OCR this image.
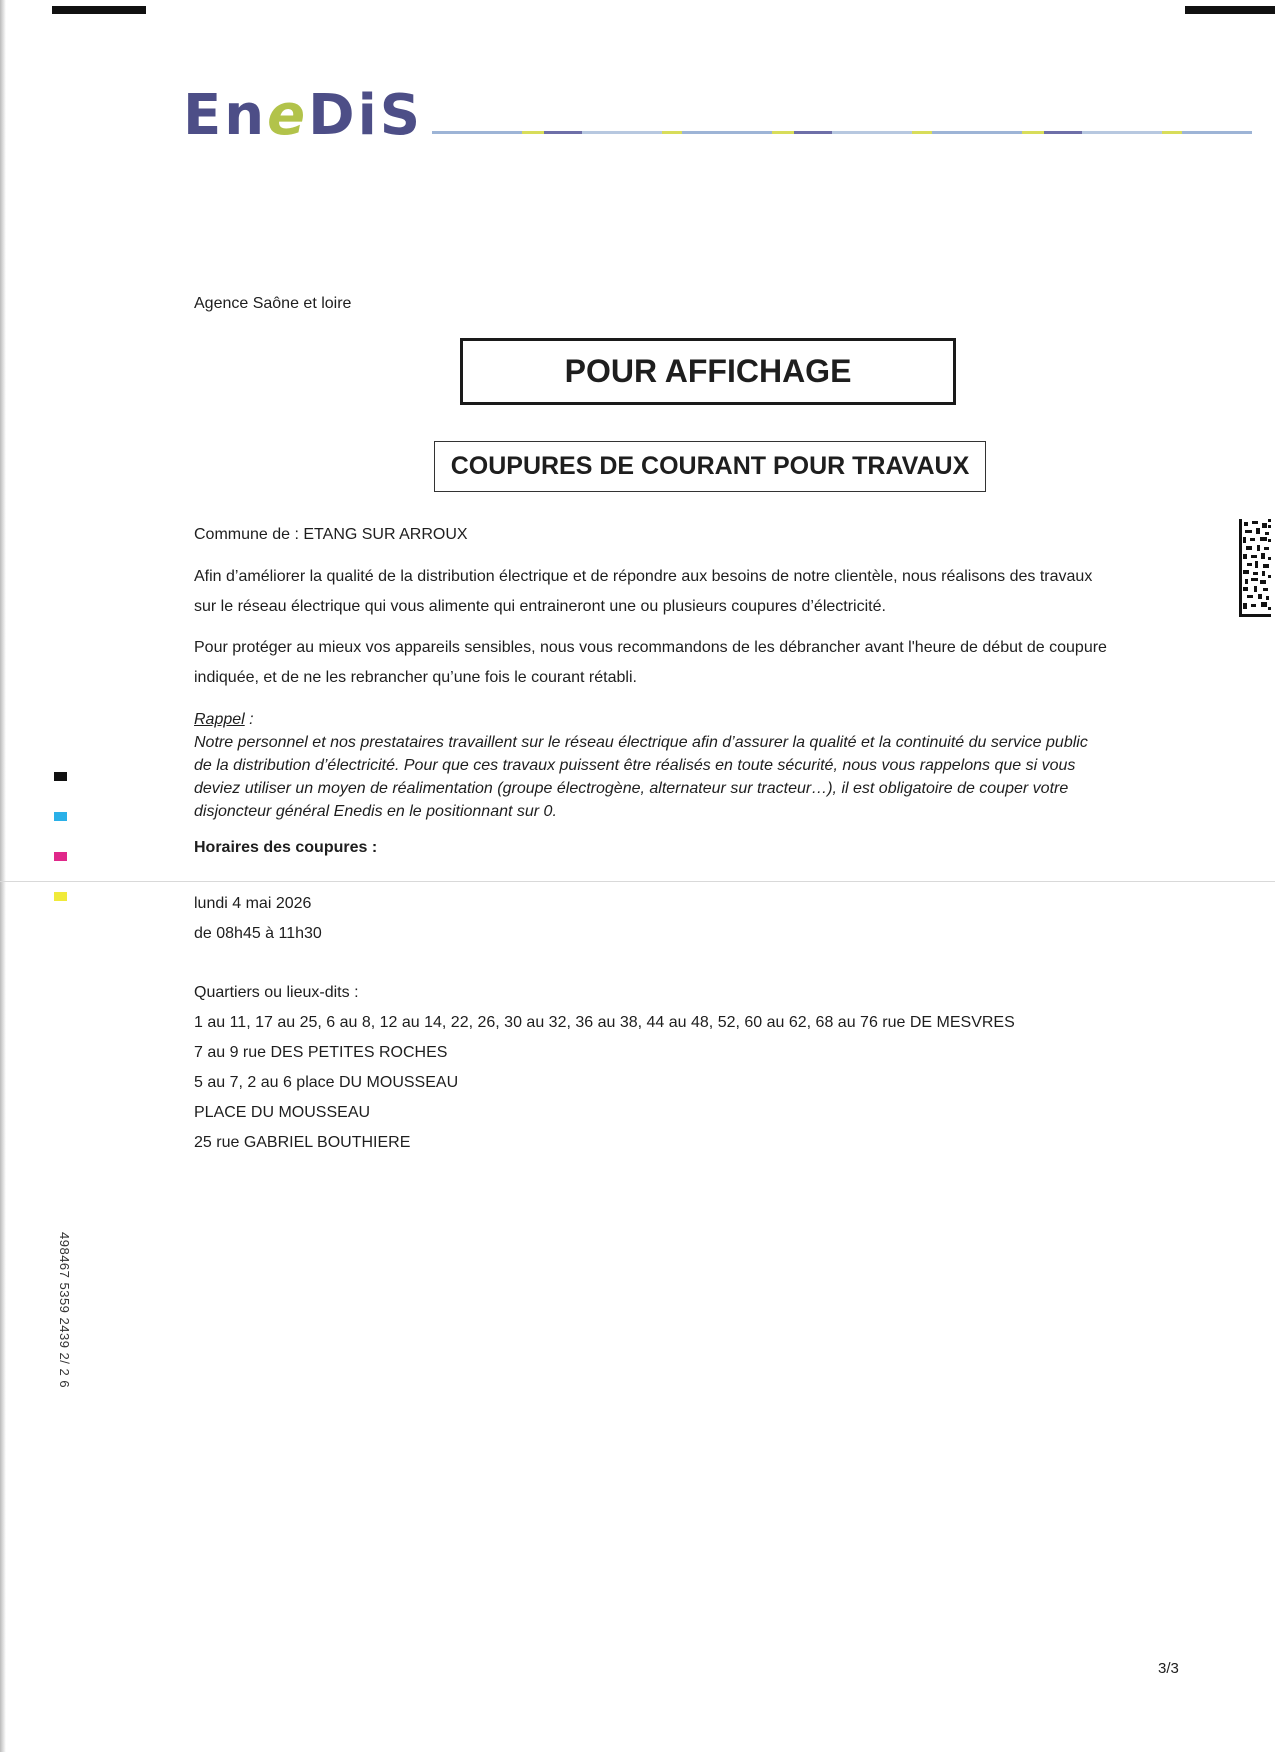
EneDiS
Agence Saône et loire
POUR AFFICHAGE
COUPURES DE COURANT POUR TRAVAUX
Commune de : ETANG SUR ARROUX
Afin d’améliorer la qualité de la distribution électrique et de répondre aux besoins de notre clientèle, nous réalisons des travaux
sur le réseau électrique qui vous alimente qui entraineront une ou plusieurs coupures d’électricité.
Pour protéger au mieux vos appareils sensibles, nous vous recommandons de les débrancher avant l'heure de début de coupure
indiquée, et de ne les rebrancher qu’une fois le courant rétabli.
Rappel :
Notre personnel et nos prestataires travaillent sur le réseau électrique afin d’assurer la qualité et la continuité du service public
de la distribution d’électricité. Pour que ces travaux puissent être réalisés en toute sécurité, nous vous rappelons que si vous
deviez utiliser un moyen de réalimentation (groupe électrogène, alternateur sur tracteur…), il est obligatoire de couper votre
disjoncteur général Enedis en le positionnant sur 0.
Horaires des coupures :
lundi 4 mai 2026
de 08h45 à 11h30
Quartiers ou lieux-dits :
1 au 11, 17 au 25, 6 au 8, 12 au 14, 22, 26, 30 au 32, 36 au 38, 44 au 48, 52, 60 au 62, 68 au 76 rue DE MESVRES
7 au 9 rue DES PETITES ROCHES
5 au 7, 2 au 6 place DU MOUSSEAU
PLACE DU MOUSSEAU
25 rue GABRIEL BOUTHIERE
498467 5359 2439 2/ 2 6
3/3
